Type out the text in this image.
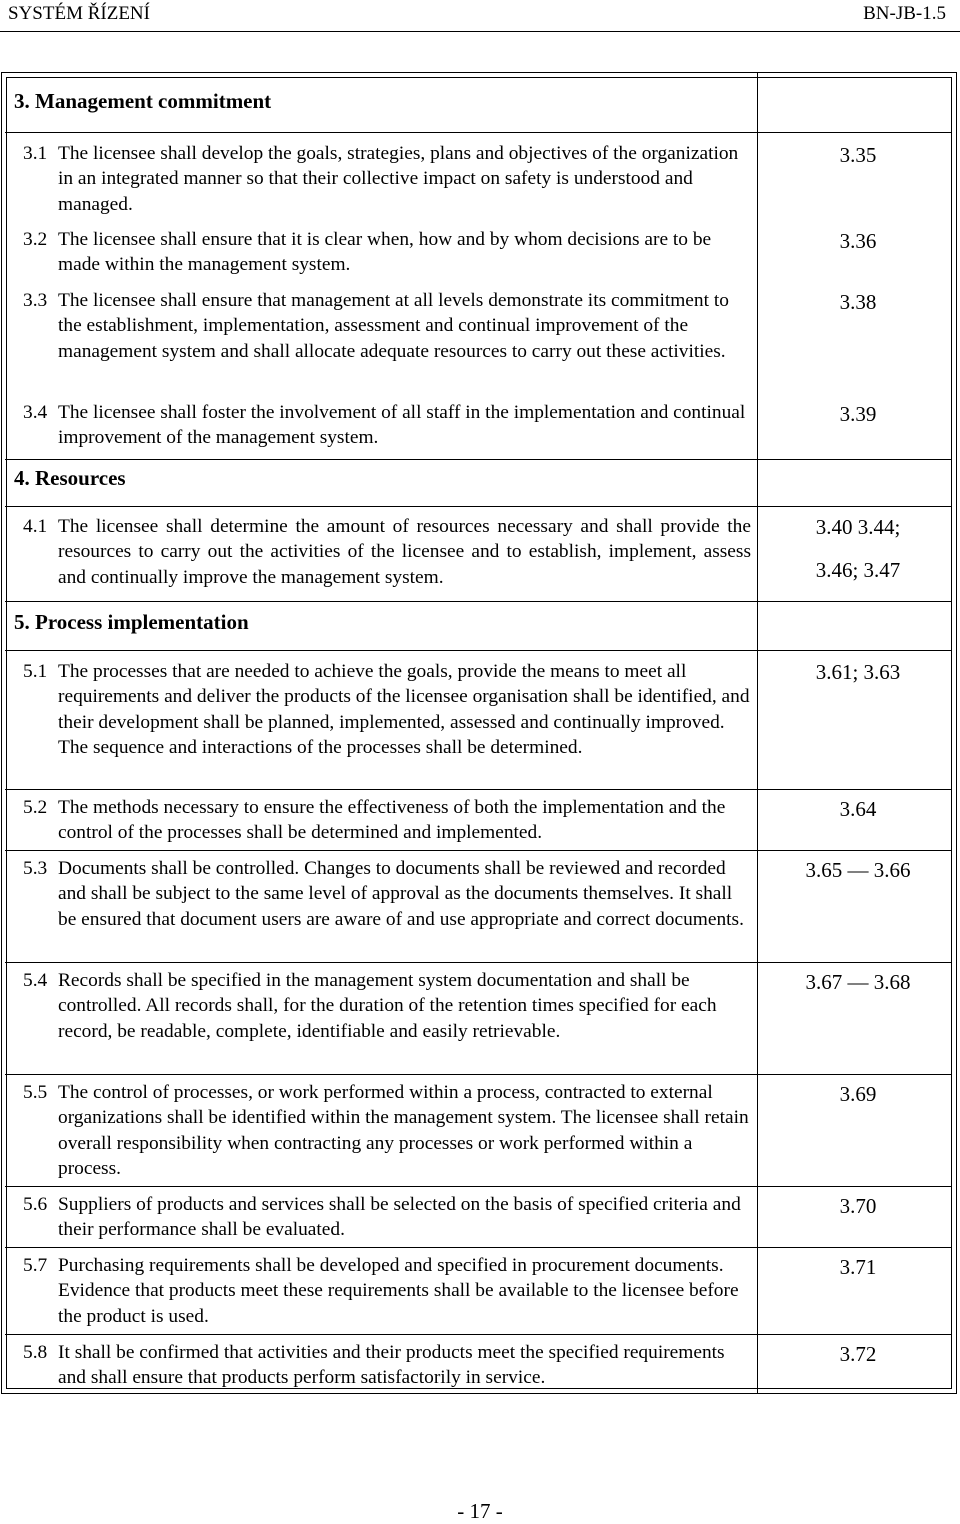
SYSTÉM ŘÍZENÍ	BN-JB-1.5
3. Management commitment
4. Resources
5. Process implementation
3.1 The licensee shall develop the goals, strategies, plans and objectives of the organization in an integrated manner so that their collective impact on safety is understood and managed.
3.2 The licensee shall ensure that it is clear when, how and by whom decisions are to be made within the management system.
3.3 The licensee shall ensure that management at all levels demonstrate its commitment to the establishment, implementation, assessment and continual improvement of the management system and shall allocate adequate resources to carry out these activities.
3.4 The licensee shall foster the involvement of all staff in the implementation and continual improvement of the management system.
4.1 The licensee shall determine the amount of resources necessary and shall provide the resources to carry out the activities of the licensee and to establish, implement, assess and continually improve the management system.
5.1 The processes that are needed to achieve the goals, provide the means to meet all requirements and deliver the products of the licensee organisation shall be identified, and their development shall be planned, implemented, assessed and continually improved. The sequence and interactions of the processes shall be determined.
5.2 The methods necessary to ensure the effectiveness of both the implementation and the control of the processes shall be determined and implemented.
5.3 Documents shall be controlled. Changes to documents shall be reviewed and recorded and shall be subject to the same level of approval as the documents themselves. It shall be ensured that document users are aware of and use appropriate and correct documents.
5.4 Records shall be specified in the management system documentation and shall be controlled. All records shall, for the duration of the retention times specified for each record, be readable, complete, identifiable and easily retrievable.
5.5 The control of processes, or work performed within a process, contracted to external organizations shall be identified within the management system. The licensee shall retain overall responsibility when contracting any processes or work performed within a process.
5.6 Suppliers of products and services shall be selected on the basis of specified criteria and their performance shall be evaluated.
5.7 Purchasing requirements shall be developed and specified in procurement documents. Evidence that products meet these requirements shall be available to the licensee before the product is used.
5.8 It shall be confirmed that activities and their products meet the specified requirements and shall ensure that products perform satisfactorily in service.
3.35
3.36
3.38
3.39
3.40 3.44;
3.46; 3.47
3.61; 3.63
3.64
3.65 — 3.66
3.67 — 3.68
3.69
3.70
3.71
3.72
- 17 -
